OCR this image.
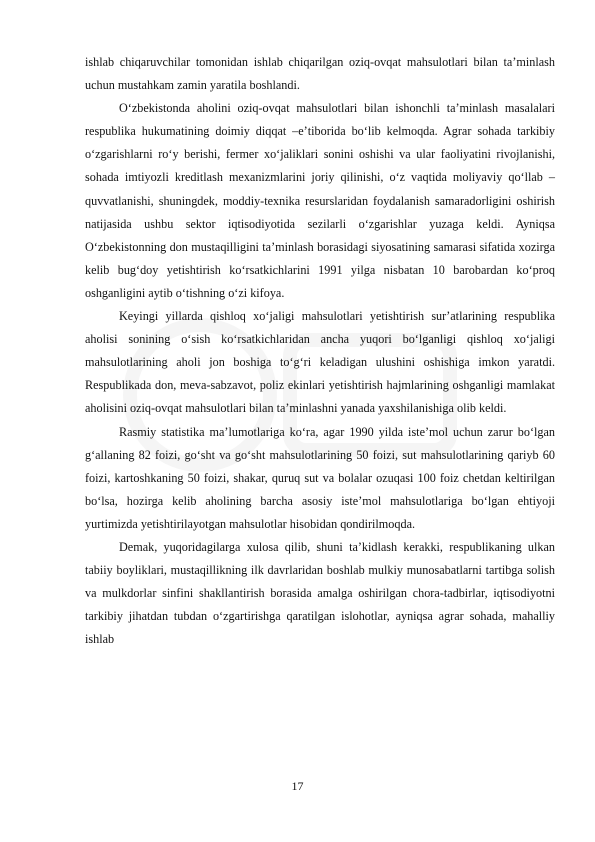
ishlab chiqaruvchilar tomonidan ishlab chiqarilgan oziq-ovqat mahsulotlari bilan taʼminlash uchun mustahkam zamin yaratila boshlandi.

Oʻzbekistonda aholini oziq-ovqat mahsulotlari bilan ishonchli taʼminlash masalalari respublika hukumatining doimiy diqqat –eʼtiborida boʻlib kelmoqda. Agrar sohada tarkibiy oʻzgarishlarni roʻy berishi, fermer xoʻjaliklari sonini oshishi va ular faoliyatini rivojlanishi, sohada imtiyozli kreditlash mexanizmlarini joriy qilinishi, oʻz vaqtida moliyaviy qoʻllab – quvvatlanishi, shuningdek, moddiy-texnika resurslaridan foydalanish samaradorligini oshirish natijasida ushbu sektor iqtisodiyotida sezilarli oʻzgarishlar yuzaga keldi. Ayniqsa Oʻzbekistonning don mustaqilligini taʼminlash borasidagi siyosatining samarasi sifatida xozirga kelib bugʻdoy yetishtirish koʻrsatkichlarini 1991 yilga nisbatan 10 barobardan koʻproq oshganligini aytib oʻtishning oʻzi kifoya.

Keyingi yillarda qishloq xoʻjaligi mahsulotlari yetishtirish surʼatlarining respublika aholisi sonining oʻsish koʻrsatkichlaridan ancha yuqori boʻlganligi qishloq xoʻjaligi mahsulotlarining aholi jon boshiga toʻgʻri keladigan ulushini oshishiga imkon yaratdi. Respublikada don, meva-sabzavot, poliz ekinlari yetishtirish hajmlarining oshganligi mamlakat aholisini oziq-ovqat mahsulotlari bilan taʼminlashni yanada yaxshilanishiga olib keldi.

Rasmiy statistika maʼlumotlariga koʻra, agar 1990 yilda isteʼmol uchun zarur boʻlgan gʻallaning 82 foizi, goʻsht va goʻsht mahsulotlarining 50 foizi, sut mahsulotlarining qariyb 60 foizi, kartoshkaning 50 foizi, shakar, quruq sut va bolalar ozuqasi 100 foiz chetdan keltirilgan boʻlsa, hozirga kelib aholining barcha asosiy isteʼmol mahsulotlariga boʻlgan ehtiyoji yurtimizda yetishtirilayotgan mahsulotlar hisobidan qondirilmoqda.

Demak, yuqoridagilarga xulosa qilib, shuni taʼkidlash kerakki, respublikaning ulkan tabiiy boyliklari, mustaqillikning ilk davrlaridan boshlab mulkiy munosabatlarni tartibga solish va mulkdorlar sinfini shakllantirish borasida amalga oshirilgan chora-tadbirlar, iqtisodiyotni tarkibiy jihatdan tubdan oʻzgartirishga qaratilgan islohotlar, ayniqsa agrar sohada, mahalliy ishlab

17
